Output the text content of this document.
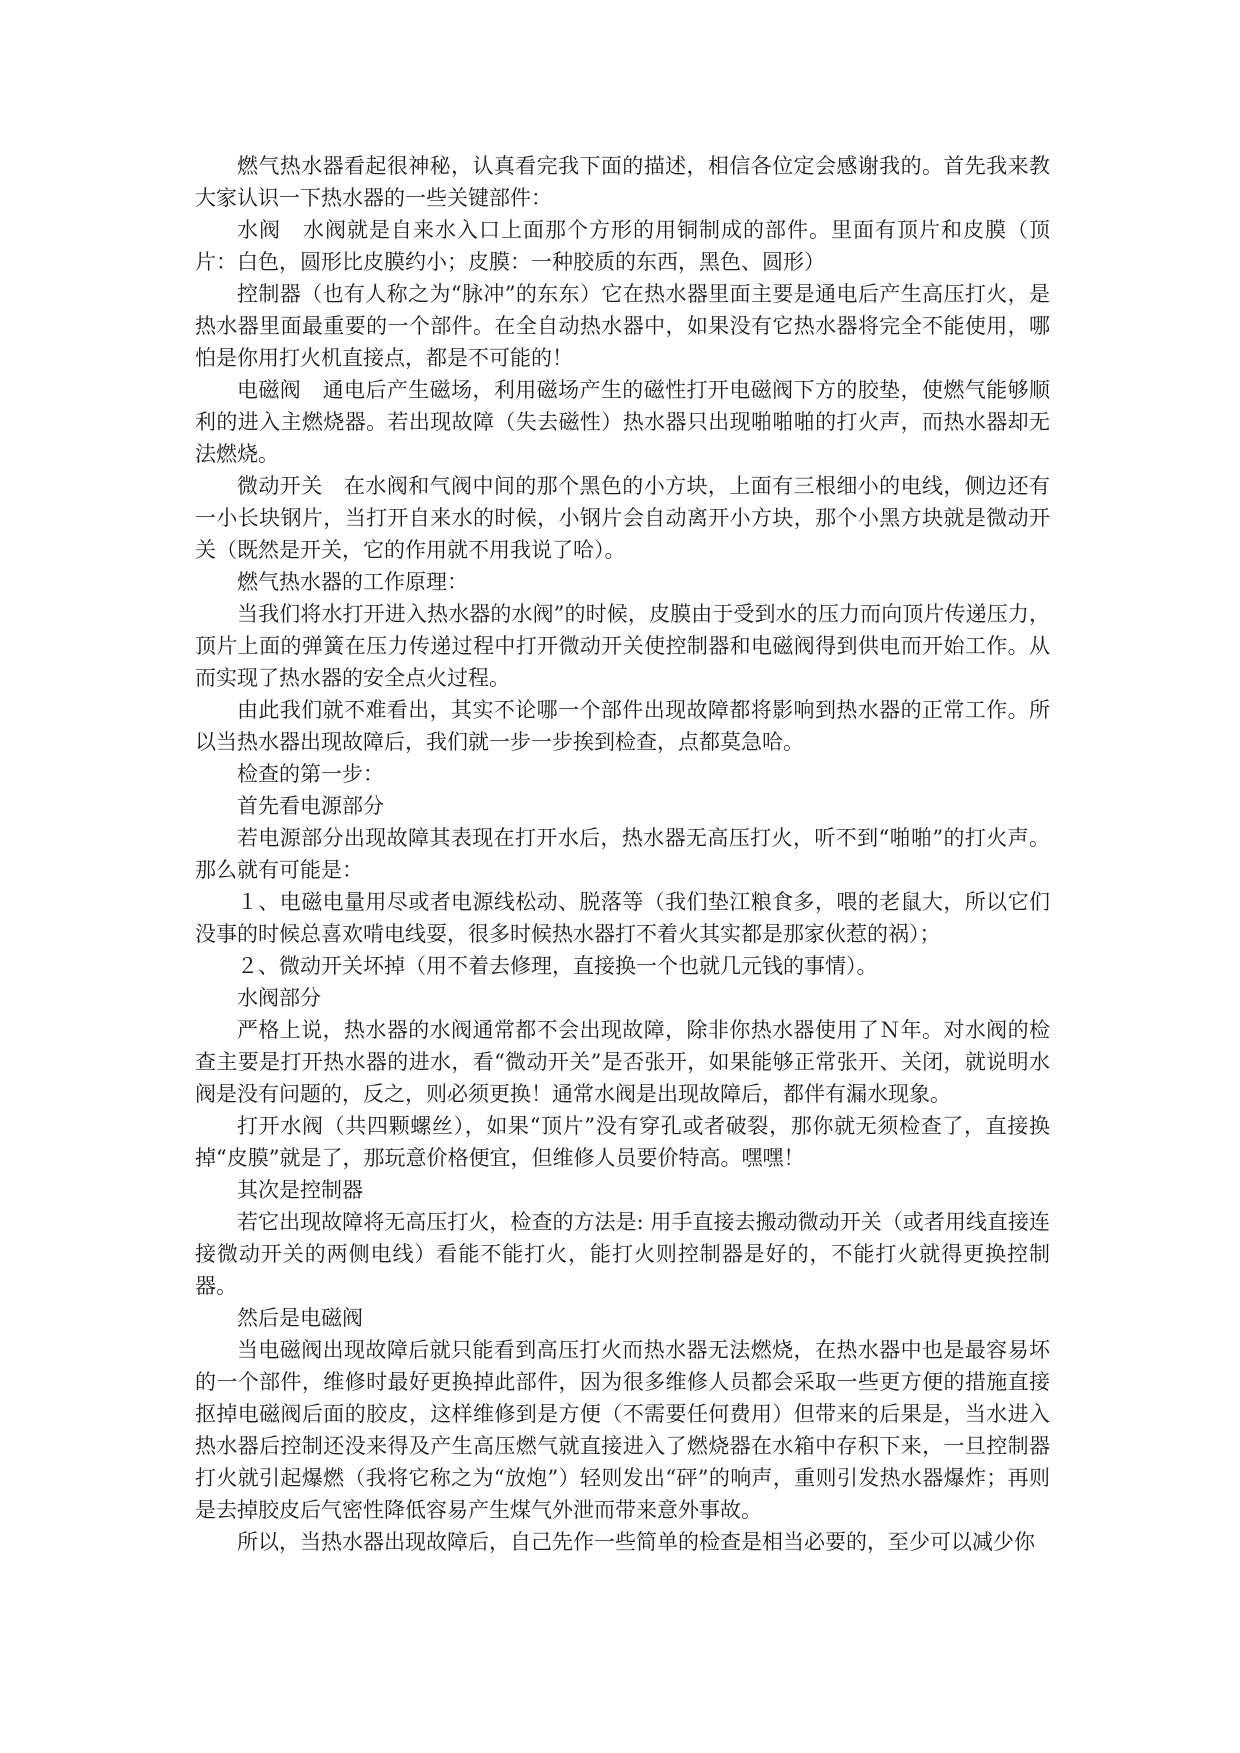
燃气热水器看起很神秘，认真看完我下面的描述，相信各位定会感谢我的。首先我来教大家认识一下热水器的一些关键部件：

水阀　水阀就是自来水入口上面那个方形的用铜制成的部件。里面有顶片和皮膜（顶片：白色，圆形比皮膜约小；皮膜：一种胶质的东西，黑色、圆形）

控制器（也有人称之为“脉冲”的东东）它在热水器里面主要是通电后产生高压打火，是热水器里面最重要的一个部件。在全自动热水器中，如果没有它热水器将完全不能使用，哪怕是你用打火机直接点，都是不可能的！

电磁阀　通电后产生磁场，利用磁场产生的磁性打开电磁阀下方的胶垫，使燃气能够顺利的进入主燃烧器。若出现故障（失去磁性）热水器只出现啪啪啪的打火声，而热水器却无法燃烧。

微动开关　在水阀和气阀中间的那个黑色的小方块，上面有三根细小的电线，侧边还有一小长块钢片，当打开自来水的时候，小钢片会自动离开小方块，那个小黑方块就是微动开关（既然是开关，它的作用就不用我说了哈）。

燃气热水器的工作原理：

当我们将水打开进入热水器的水阀”的时候，皮膜由于受到水的压力而向顶片传递压力，顶片上面的弹簧在压力传递过程中打开微动开关使控制器和电磁阀得到供电而开始工作。从而实现了热水器的安全点火过程。

由此我们就不难看出，其实不论哪一个部件出现故障都将影响到热水器的正常工作。所以当热水器出现故障后，我们就一步一步挨到检查，点都莫急哈。

检查的第一步：

首先看电源部分

若电源部分出现故障其表现在打开水后，热水器无高压打火，听不到“啪啪”的打火声。那么就有可能是：

１、电磁电量用尽或者电源线松动、脱落等（我们垫江粮食多，喂的老鼠大，所以它们没事的时候总喜欢啃电线耍，很多时候热水器打不着火其实都是那家伙惹的祸）；

２、微动开关坏掉（用不着去修理，直接换一个也就几元钱的事情）。

水阀部分

严格上说，热水器的水阀通常都不会出现故障，除非你热水器使用了Ｎ年。对水阀的检查主要是打开热水器的进水，看“微动开关”是否张开，如果能够正常张开、关闭，就说明水阀是没有问题的，反之，则必须更换！通常水阀是出现故障后，都伴有漏水现象。

打开水阀（共四颗螺丝），如果“顶片”没有穿孔或者破裂，那你就无须检查了，直接换掉“皮膜”就是了，那玩意价格便宜，但维修人员要价特高。嘿嘿！

其次是控制器

若它出现故障将无高压打火，检查的方法是: 用手直接去搬动微动开关（或者用线直接连接微动开关的两侧电线）看能不能打火，能打火则控制器是好的，不能打火就得更换控制器。

然后是电磁阀

当电磁阀出现故障后就只能看到高压打火而热水器无法燃烧，在热水器中也是最容易坏的一个部件，维修时最好更换掉此部件，因为很多维修人员都会采取一些更方便的措施直接抠掉电磁阀后面的胶皮，这样维修到是方便（不需要任何费用）但带来的后果是，当水进入热水器后控制还没来得及产生高压燃气就直接进入了燃烧器在水箱中存积下来，一旦控制器打火就引起爆燃（我将它称之为“放炮”）轻则发出“砰”的响声，重则引发热水器爆炸；再则是去掉胶皮后气密性降低容易产生煤气外泄而带来意外事故。

所以，当热水器出现故障后，自己先作一些简单的检查是相当必要的，至少可以减少你
